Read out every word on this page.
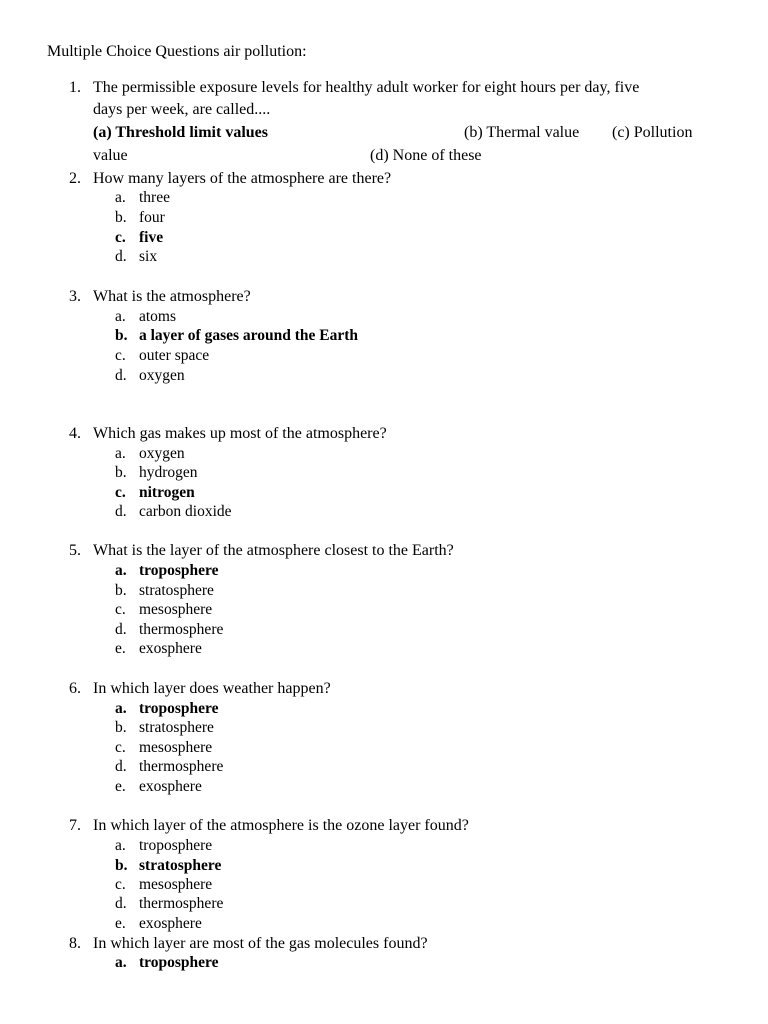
Multiple Choice Questions air pollution:
1. The permissible exposure levels for healthy adult worker for eight hours per day, five
days per week, are called....
(a) Threshold limit values	(b) Thermal value (c) Pollution
value	(d) None of these
2. How many layers of the atmosphere are there?
a. three
b. four
c. five
d. six
3. What is the atmosphere?
a. atoms
b. a layer of gases around the Earth
c. outer space
d. oxygen
4. Which gas makes up most of the atmosphere?
a. oxygen
b. hydrogen
c. nitrogen
d. carbon dioxide
5. What is the layer of the atmosphere closest to the Earth?
a. troposphere
b. stratosphere
c. mesosphere
d. thermosphere
e. exosphere
6. In which layer does weather happen?
a. troposphere
b. stratosphere
c. mesosphere
d. thermosphere
e. exosphere
7. In which layer of the atmosphere is the ozone layer found?
a. troposphere
b. stratosphere
c. mesosphere
d. thermosphere
e. exosphere
8. In which layer are most of the gas molecules found?
a. troposphere
